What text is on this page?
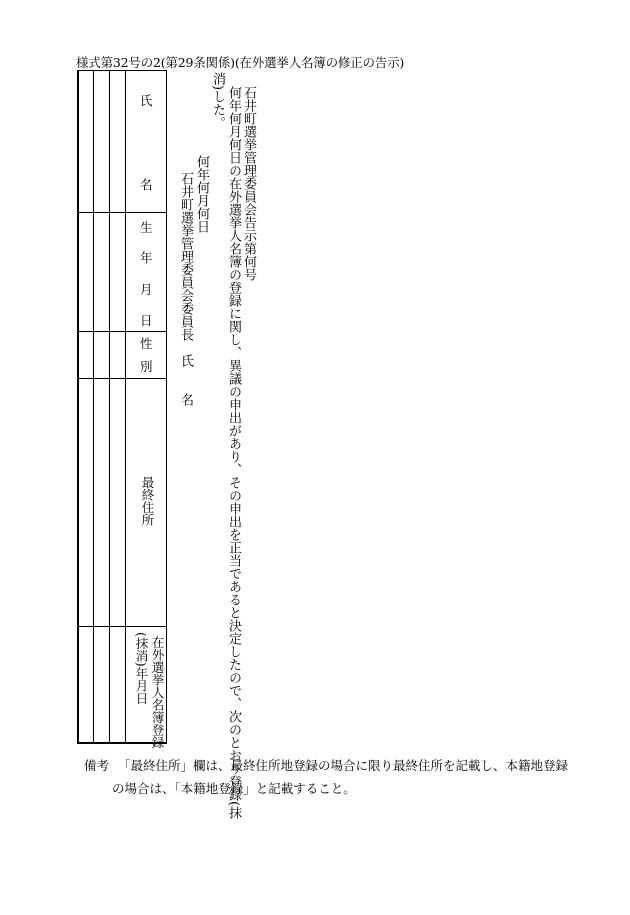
様式第32号の2(第29条関係)(在外選挙人名簿の修正の告示)
石井町選挙管理委員会告示第何号
何年何月何日の在外選挙人名簿の登録に関し、異議の申出があり、その申出を正当であると決定したので、次のとおり登録(抹
消)した。
何年何月何日
石井町選挙管理委員会委員長　氏　　名
氏
名
生
年
月
日
性
別
最終住所
在外選挙人名簿登録
(抹消)年月日
備考 「最終住所」欄は、最終住所地登録の場合に限り最終住所を記載し、本籍地登録
の場合は、「本籍地登録」と記載すること。
